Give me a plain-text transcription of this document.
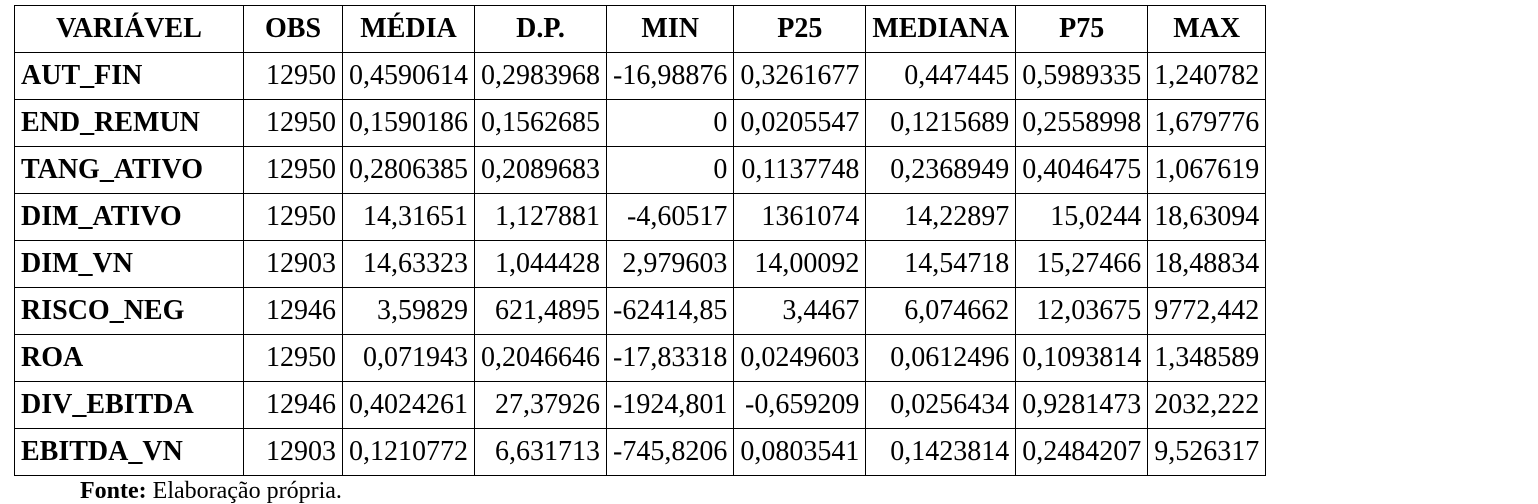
VARIÁVEL	OBS	MÉDIA	D.P.	MIN	P25	MEDIANA	P75	MAX
AUT_FIN	12950	0,4590614	0,2983968	-16,98876	0,3261677	0,447445	0,5989335	1,240782
END_REMUN	12950	0,1590186	0,1562685	0	0,0205547	0,1215689	0,2558998	1,679776
TANG_ATIVO	12950	0,2806385	0,2089683	0	0,1137748	0,2368949	0,4046475	1,067619
DIM_ATIVO	12950	14,31651	1,127881	-4,60517	1361074	14,22897	15,0244	18,63094
DIM_VN	12903	14,63323	1,044428	2,979603	14,00092	14,54718	15,27466	18,48834
RISCO_NEG	12946	3,59829	621,4895	-62414,85	3,4467	6,074662	12,03675	9772,442
ROA	12950	0,071943	0,2046646	-17,83318	0,0249603	0,0612496	0,1093814	1,348589
DIV_EBITDA	12946	0,4024261	27,37926	-1924,801	-0,659209	0,0256434	0,9281473	2032,222
EBITDA_VN	12903	0,1210772	6,631713	-745,8206	0,0803541	0,1423814	0,2484207	9,526317
Fonte: Elaboração própria.
